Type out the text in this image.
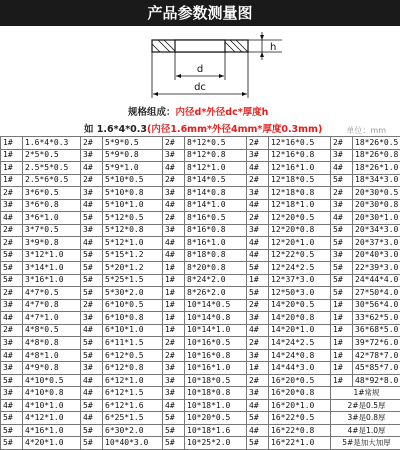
产品参数测量图
d
dc
h
规格组成：内径d*外径dc*厚度h
如 1.6*4*0.3(内径1.6mm*外径4mm*厚度0.3mm)	单位：mm
1#	1.6*4*0.3	2#	5*9*0.5	2#	8*12*0.5	2#	12*16*0.5	2#	18*26*0.5
1#	2*5*0.5	3#	5*9*0.8	3#	8*12*0.8	3#	12*16*0.8	3#	18*26*0.8
1#	2.5*5*0.5	4#	5*9*1.0	4#	8*12*1.0	4#	12*16*1.0	4#	18*26*1.0
1#	2.5*6*0.5	2#	5*10*0.5	2#	8*14*0.5	2#	12*18*0.5	5#	18*34*3.0
2#	3*6*0.5	3#	5*10*0.8	3#	8*14*0.8	3#	12*18*0.8	2#	20*30*0.5
3#	3*6*0.8	4#	5*10*1.0	4#	8*14*1.0	4#	12*18*1.0	3#	20*30*0.8
4#	3*6*1.0	5#	5*12*0.5	2#	8*16*0.5	2#	12*20*0.5	4#	20*30*1.0
2#	3*7*0.5	3#	5*12*0.8	3#	8*16*0.8	3#	12*20*0.8	5#	20*34*3.0
2#	3*9*0.8	4#	5*12*1.0	4#	8*16*1.0	4#	12*20*1.0	5#	20*37*3.0
5#	3*12*1.0	5#	5*15*1.2	4#	8*18*0.8	4#	12*22*0.5	3#	20*40*3.0
5#	3*14*1.0	5#	5*20*1.2	1#	8*20*0.8	5#	12*24*2.5	5#	22*39*3.0
5#	3*16*1.0	5#	5*25*1.5	1#	8*24*2.0	1#	12*37*3.0	5#	24*44*4.0
2#	4*7*0.5	5#	5*30*2.0	1#	8*26*2.0	5#	12*50*3.0	5#	27*50*4.0
3#	4*7*0.8	2#	6*10*0.5	1#	10*14*0.5	2#	14*20*0.5	1#	30*56*4.0
4#	4*7*1.0	3#	6*10*0.8	1#	10*14*0.8	3#	14*20*0.8	1#	33*62*5.0
2#	4*8*0.5	4#	6*10*1.0	1#	10*14*1.0	4#	14*20*1.0	1#	36*68*5.0
3#	4*8*0.8	5#	6*11*1.5	2#	10*16*0.5	2#	14*24*2.5	1#	39*72*6.0
4#	4*8*1.0	5#	6*12*0.5	2#	10*16*0.8	3#	14*24*0.8	1#	42*78*7.0
3#	4*9*0.8	3#	6*12*0.8	3#	10*16*1.0	1#	14*44*3.0	1#	45*85*7.0
5#	4*10*0.5	4#	6*12*1.0	3#	10*18*0.5	2#	16*20*0.5	1#	48*92*8.0
3#	4*10*0.8	4#	6*12*1.5	3#	10*18*0.8	3#	16*20*0.8	1#常规	
4#	4*10*1.0	5#	6*12*1.6	4#	10*18*1.0	4#	16*20*1.0	2#是0.5厚	
5#	4*12*1.0	4#	6*25*1.5	5#	10*20*0.5	5#	16*22*0.5	3#是0.8厚	
5#	4*16*1.0	5#	6*30*2.0	5#	10*18*1.6	4#	16*22*0.8	4#是1.0厚	
5#	4*20*1.0	5#	10*40*3.0	5#	10*25*2.0	5#	16*22*1.0	5#是加大加厚	
